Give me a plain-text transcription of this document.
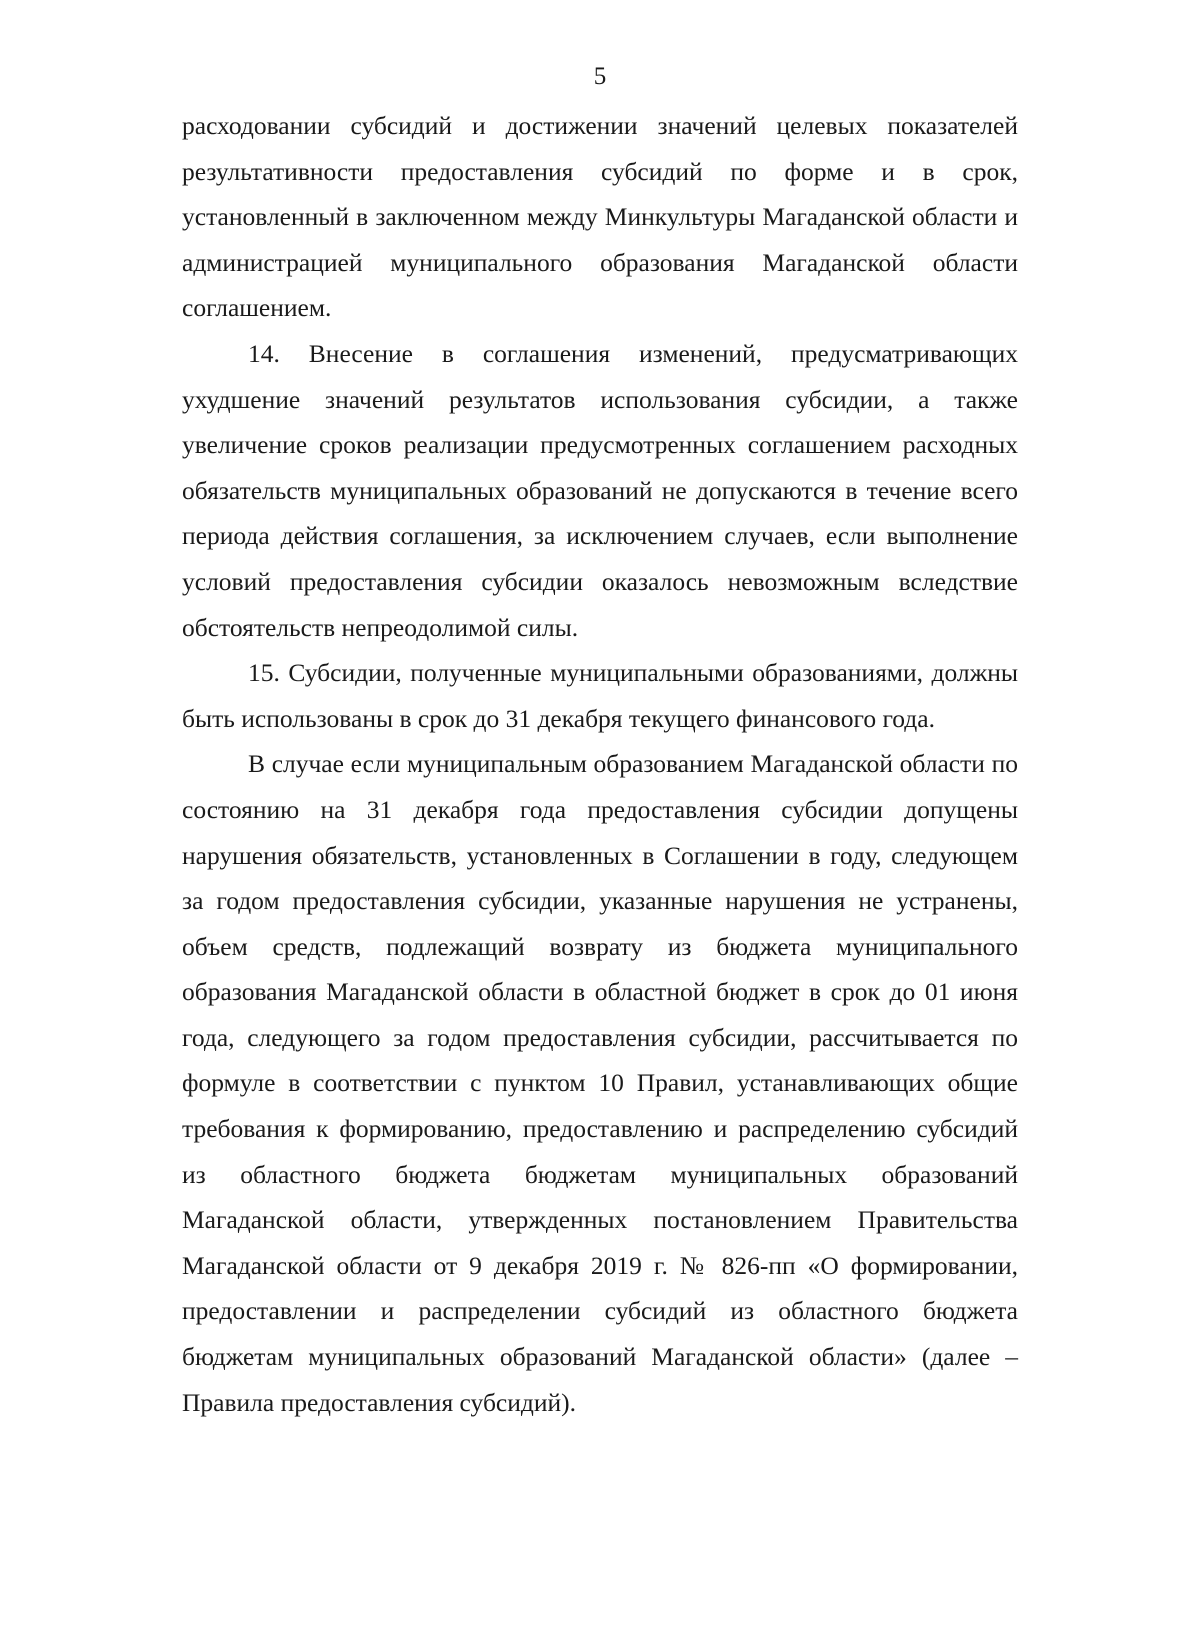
5

расходовании субсидий и достижении значений целевых показателей результативности предоставления субсидий по форме и в срок, установленный в заключенном между Минкультуры Магаданской области и администрацией муниципального образования Магаданской области соглашением.

14. Внесение в соглашения изменений, предусматривающих ухудшение значений результатов использования субсидии, а также увеличение сроков реализации предусмотренных соглашением расходных обязательств муниципальных образований не допускаются в течение всего периода действия соглашения, за исключением случаев, если выполнение условий предоставления субсидии оказалось невозможным вследствие обстоятельств непреодолимой силы.

15. Субсидии, полученные муниципальными образованиями, должны быть использованы в срок до 31 декабря текущего финансового года.

В случае если муниципальным образованием Магаданской области по состоянию на 31 декабря года предоставления субсидии допущены нарушения обязательств, установленных в Соглашении в году, следующем за годом предоставления субсидии, указанные нарушения не устранены, объем средств, подлежащий возврату из бюджета муниципального образования Магаданской области в областной бюджет в срок до 01 июня года, следующего за годом предоставления субсидии, рассчитывается по формуле в соответствии с пунктом 10 Правил, устанавливающих общие требования к формированию, предоставлению и распределению субсидий из областного бюджета бюджетам муниципальных образований Магаданской области, утвержденных постановлением Правительства Магаданской области от 9 декабря 2019 г. № 826-пп «О формировании, предоставлении и распределении субсидий из областного бюджета бюджетам муниципальных образований Магаданской области» (далее – Правила предоставления субсидий).
